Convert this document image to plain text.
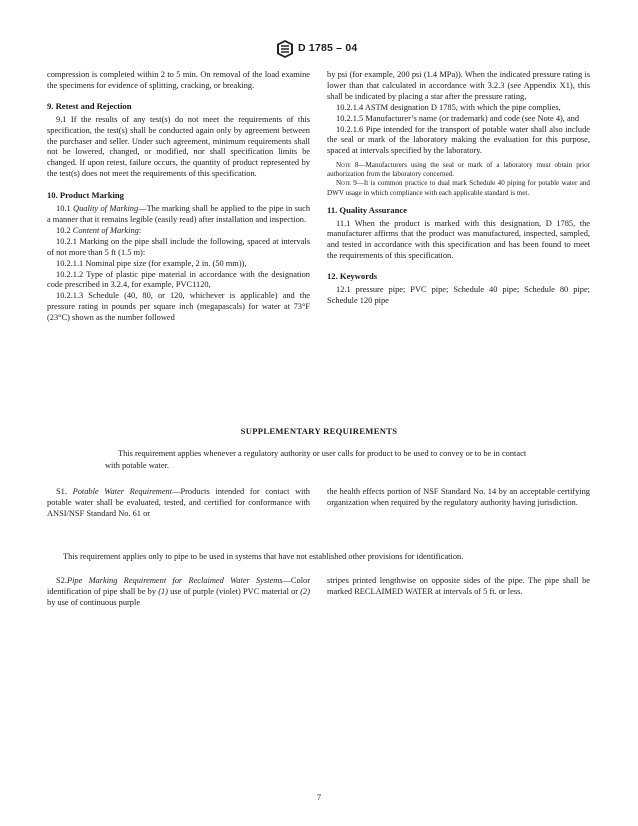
D 1785 – 04

compression is completed within 2 to 5 min. On removal of the load examine the specimens for evidence of splitting, cracking, or breaking.

9. Retest and Rejection

9.1 If the results of any test(s) do not meet the requirements of this specification, the test(s) shall be conducted again only by agreement between the purchaser and seller. Under such agreement, minimum requirements shall not be lowered, changed, or modified, nor shall specification limits be changed. If upon retest, failure occurs, the quantity of product represented by the test(s) does not meet the requirements of this specification.

10. Product Marking

10.1 Quality of Marking—The marking shall be applied to the pipe in such a manner that it remains legible (easily read) after installation and inspection.

10.2 Content of Marking:

10.2.1 Marking on the pipe shall include the following, spaced at intervals of not more than 5 ft (1.5 m):

10.2.1.1 Nominal pipe size (for example, 2 in. (50 mm)),

10.2.1.2 Type of plastic pipe material in accordance with the designation code prescribed in 3.2.4, for example, PVC1120,

10.2.1.3 Schedule (40, 80, or 120, whichever is applicable) and the pressure rating in pounds per square inch (megapascals) for water at 73°F (23°C) shown as the number followed

by psi (for example, 200 psi (1.4 MPa)). When the indicated pressure rating is lower than that calculated in accordance with 3.2.3 (see Appendix X1), this shall be indicated by placing a star after the pressure rating,

10.2.1.4 ASTM designation D 1785, with which the pipe complies,

10.2.1.5 Manufacturer’s name (or trademark) and code (see Note 4), and

10.2.1.6 Pipe intended for the transport of potable water shall also include the seal or mark of the laboratory making the evaluation for this purpose, spaced at intervals specified by the laboratory.

Note 8—Manufacturers using the seal or mark of a laboratory must obtain prior authorization from the laboratory concerned.

Note 9—It is common practice to dual mark Schedule 40 piping for potable water and DWV usage in which compliance with each applicable standard is met.

11. Quality Assurance

11.1 When the product is marked with this designation, D 1785, the manufacturer affirms that the product was manufactured, inspected, sampled, and tested in accordance with this specification and has been found to meet the requirements of this specification.

12. Keywords

12.1 pressure pipe; PVC pipe; Schedule 40 pipe; Schedule 80 pipe; Schedule 120 pipe

SUPPLEMENTARY REQUIREMENTS
This requirement applies whenever a regulatory authority or user calls for product to be used to convey or to be in contact with potable water.

S1. Potable Water Requirement—Products intended for contact with potable water shall be evaluated, tested, and certified for conformance with ANSI/NSF Standard No. 61 or

the health effects portion of NSF Standard No. 14 by an acceptable certifying organization when required by the regulatory authority having jurisdiction.

This requirement applies only to pipe to be used in systems that have not established other provisions for identification.

S2.Pipe Marking Requirement for Reclaimed Water Systems—Color identification of pipe shall be by (1) use of purple (violet) PVC material or (2) by use of continuous purple

stripes printed lengthwise on opposite sides of the pipe. The pipe shall be marked RECLAIMED WATER at intervals of 5 ft. or less.

7
